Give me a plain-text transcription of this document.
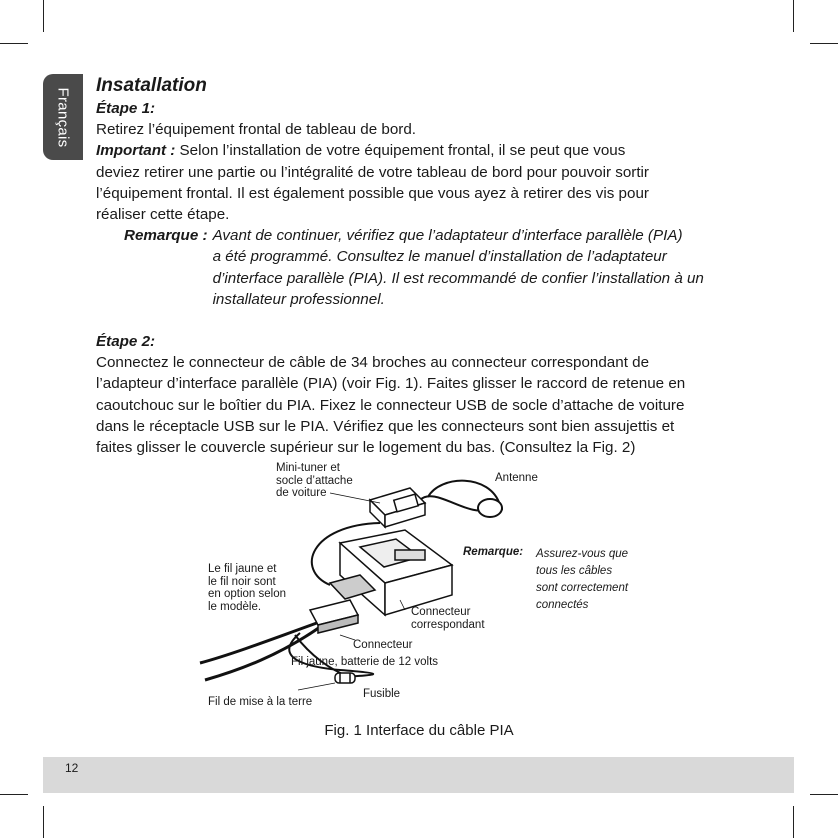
Français
Insatallation

Étape 1:

Retirez l’équipement frontal de tableau de bord.

Important : Selon l’installation de votre équipement frontal, il se peut que vous

deviez retirer une partie ou l’intégralité de votre tableau de bord pour pouvoir sortir

l’équipement frontal. Il est également possible que vous ayez à retirer des vis pour

réaliser cette étape.

Remarque : Avant de continuer, vérifiez que l’adaptateur d’interface parallèle (PIA)

a été programmé. Consultez le manuel d’installation de l’adaptateur

d’interface parallèle (PIA). Il est recommandé de confier l’installation à un

installateur professionnel.

Étape 2:

Connectez le connecteur de câble de 34 broches au connecteur correspondant de

l’adapteur d’interface parallèle (PIA) (voir Fig. 1). Faites glisser le raccord de retenue en

caoutchouc sur le boîtier du PIA. Fixez le connecteur USB de socle d’attache de voiture

dans le réceptacle USB sur le PIA. Vérifiez que les connecteurs sont bien assujettis et

faites glisser le couvercle supérieur sur le logement du bas. (Consultez la Fig. 2)

Mini-tuner et
socle d’attache
de voiture
Antenne
Le fil jaune et
le fil noir sont
en option selon
le modèle.	Connecteur
correspondant
Connecteur
Fil jaune, batterie de 12 volts
Fusible
Fil de mise à la terre
Remarque: Assurez-vous que
tous les câbles
sont correctement
connectés
Fig. 1 Interface du câble PIA
12
